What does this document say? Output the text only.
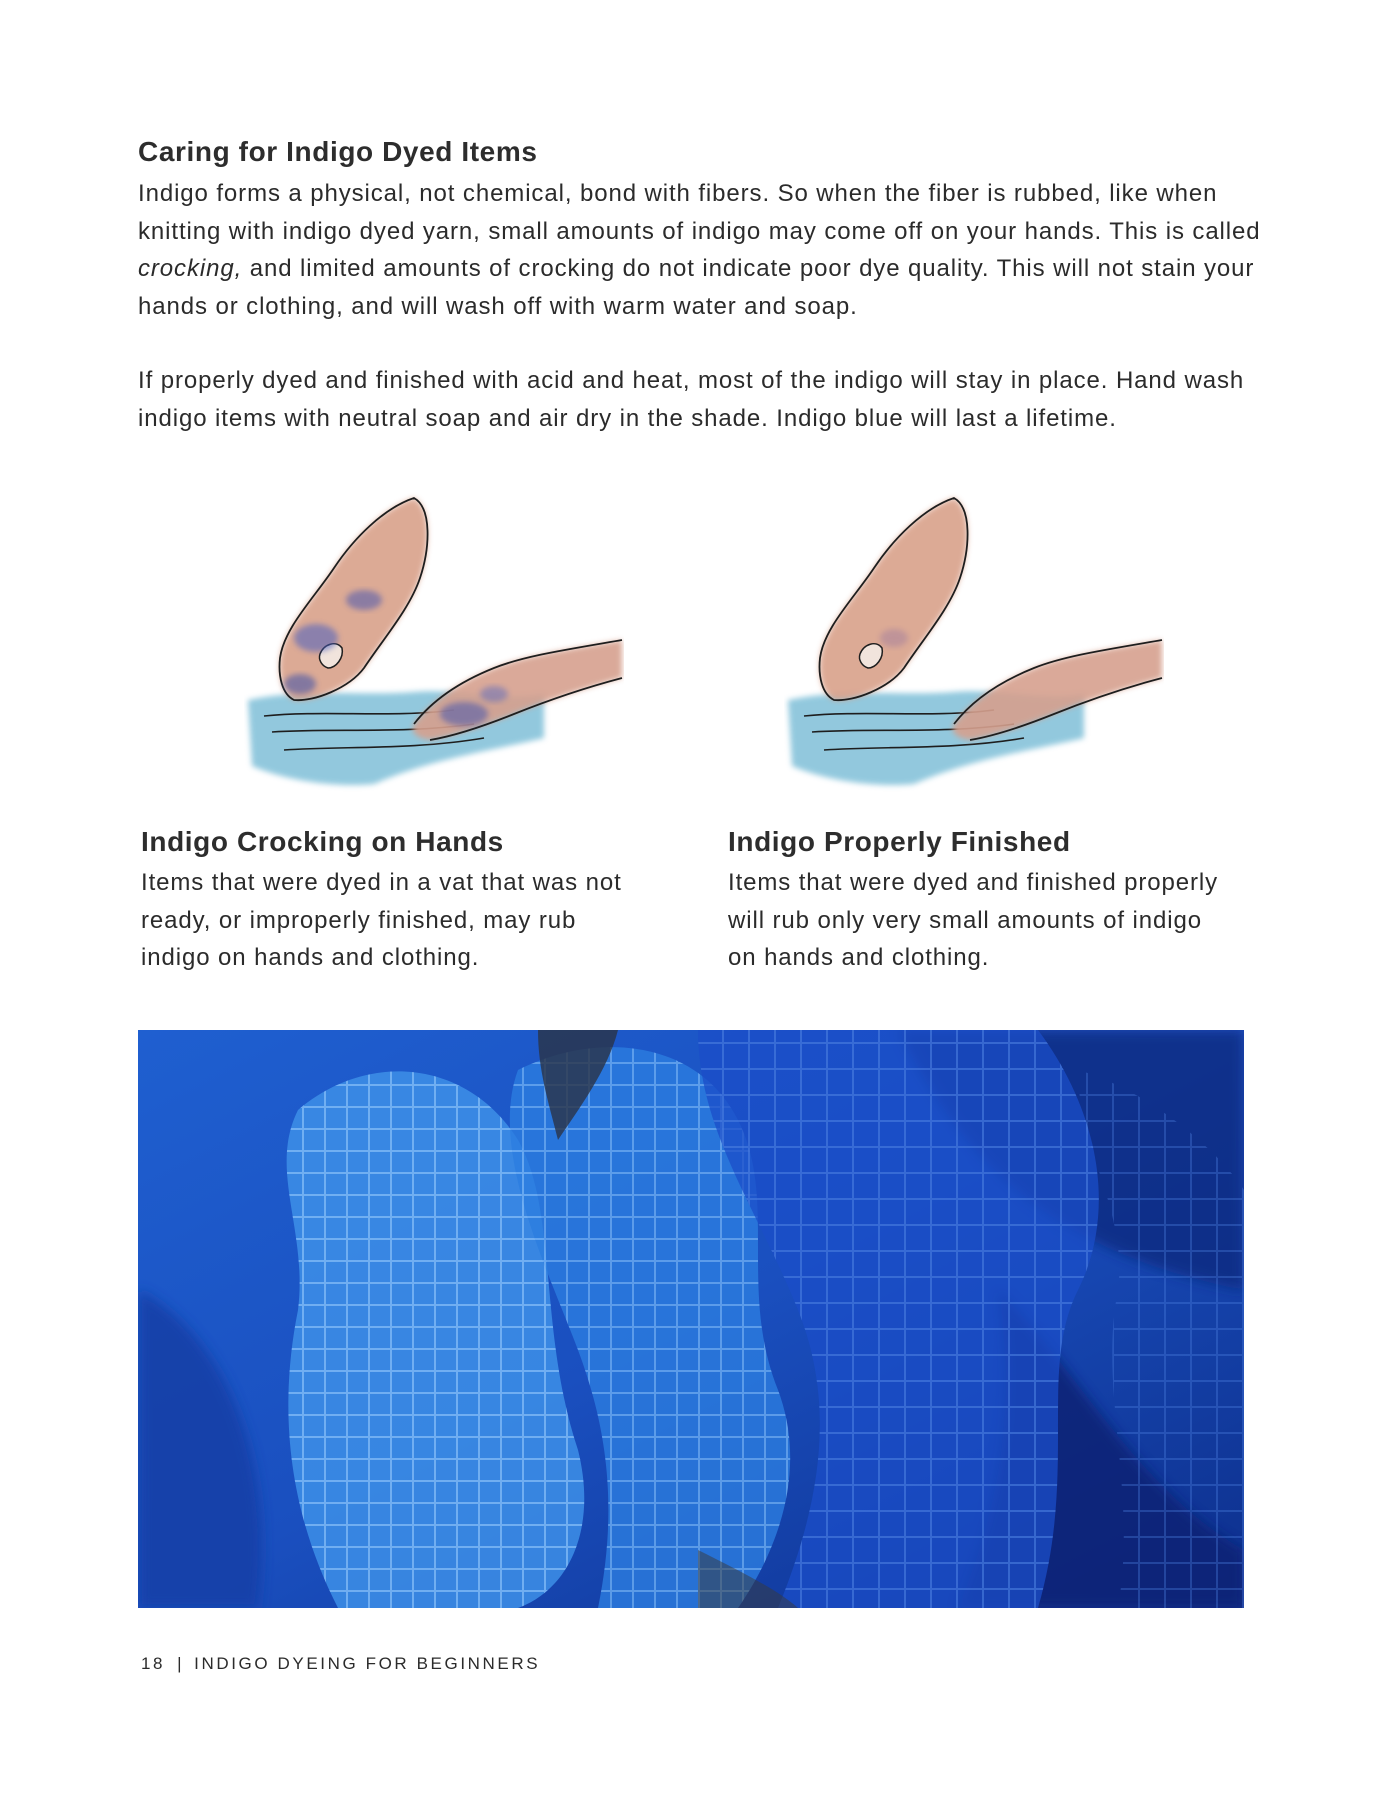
Caring for Indigo Dyed Items

Indigo forms a physical, not chemical, bond with fibers. So when the fiber is rubbed, like when knitting with indigo dyed yarn, small amounts of indigo may come off on your hands. This is called crocking, and limited amounts of crocking do not indicate poor dye quality. This will not stain your hands or clothing, and will wash off with warm water and soap.

If properly dyed and finished with acid and heat, most of the indigo will stay in place. Hand wash indigo items with neutral soap and air dry in the shade. Indigo blue will last a lifetime.

Indigo Crocking on Hands

Items that were dyed in a vat that was not ready, or improperly finished, may rub indigo on hands and clothing.

Indigo Properly Finished

Items that were dyed and finished properly will rub only very small amounts of indigo on hands and clothing.

18 | INDIGO DYEING FOR BEGINNERS
